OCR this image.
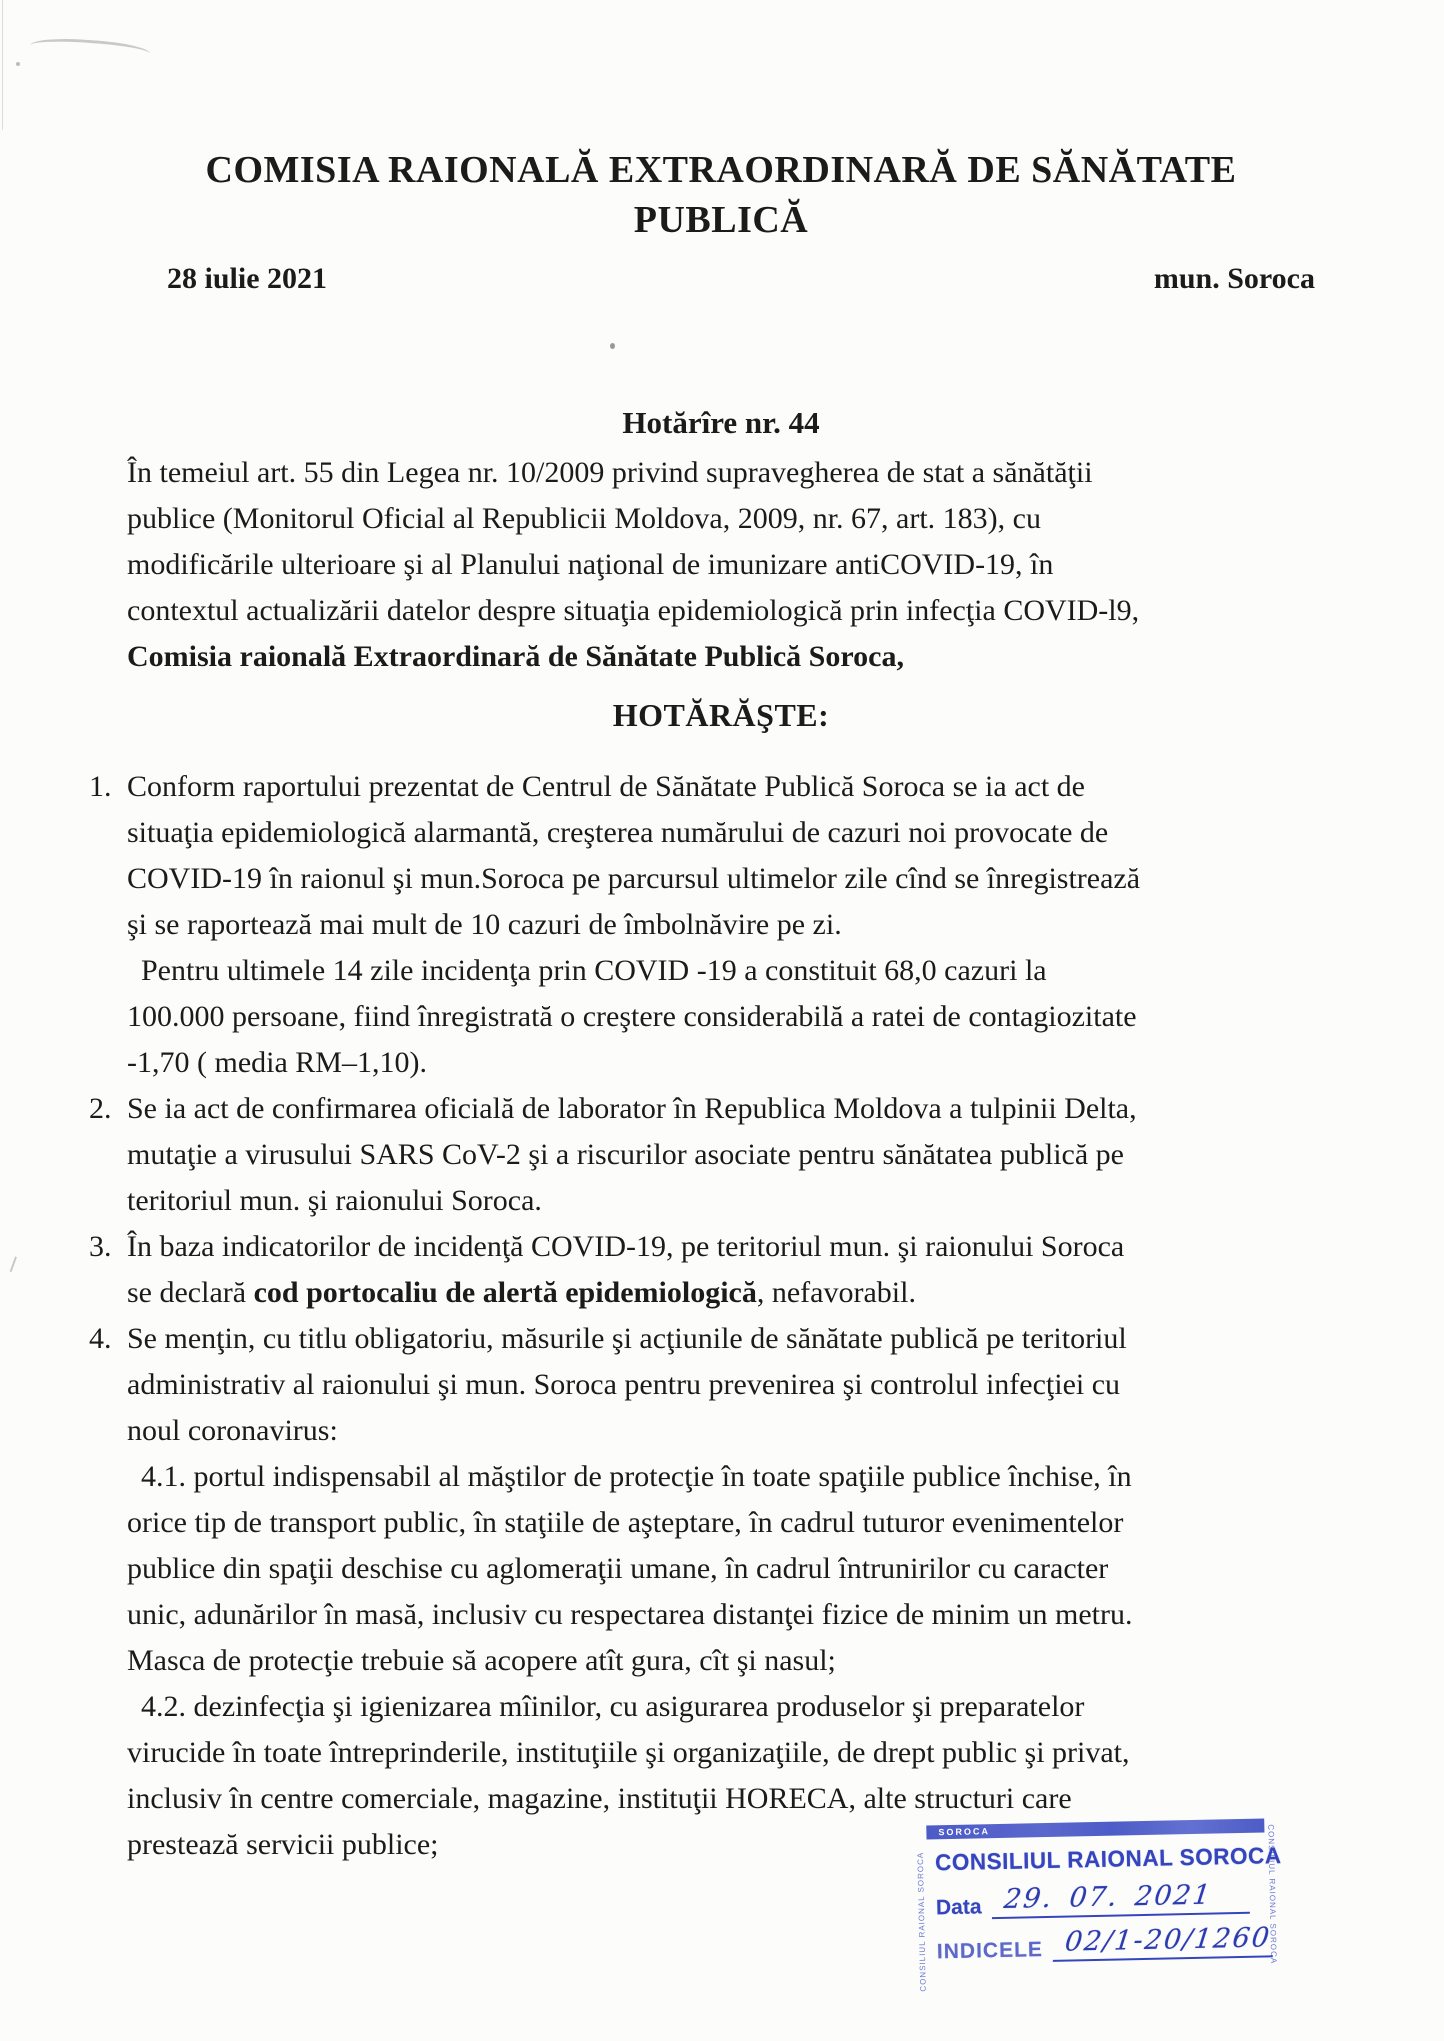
COMISIA RAIONALĂ EXTRAORDINARĂ DE SĂNĂTATE
PUBLICĂ
28 iulie 2021	mun. Soroca
Hotărîre nr. 44
În temeiul art. 55 din Legea nr. 10/2009 privind supravegherea de stat a sănătăţii
publice (Monitorul Oficial al Republicii Moldova, 2009, nr. 67, art. 183), cu
modificările ulterioare şi al Planului naţional de imunizare antiCOVID-19, în
contextul actualizării datelor despre situaţia epidemiologică prin infecţia COVID-l9,
Comisia raională Extraordinară de Sănătate Publică Soroca,
HOTĂRĂŞTE:
1. Conform raportului prezentat de Centrul de Sănătate Publică Soroca se ia act de
situaţia epidemiologică alarmantă, creşterea numărului de cazuri noi provocate de
COVID-19 în raionul şi mun.Soroca pe parcursul ultimelor zile cînd se înregistrează
şi se raportează mai mult de 10 cazuri de îmbolnăvire pe zi.
Pentru ultimele 14 zile incidenţa prin COVID -19 a constituit 68,0 cazuri la
100.000 persoane, fiind înregistrată o creştere considerabilă a ratei de contagiozitate
-1,70 ( media RM–1,10).
2. Se ia act de confirmarea oficială de laborator în Republica Moldova a tulpinii Delta,
mutaţie a virusului SARS CoV-2 şi a riscurilor asociate pentru sănătatea publică pe
teritoriul mun. şi raionului Soroca.
3. În baza indicatorilor de incidenţă COVID-19, pe teritoriul mun. şi raionului Soroca
se declară cod portocaliu de alertă epidemiologică, nefavorabil.
4. Se menţin, cu titlu obligatoriu, măsurile şi acţiunile de sănătate publică pe teritoriul
administrativ al raionului şi mun. Soroca pentru prevenirea şi controlul infecţiei cu
noul coronavirus:
4.1. portul indispensabil al măştilor de protecţie în toate spaţiile publice închise, în
orice tip de transport public, în staţiile de aşteptare, în cadrul tuturor evenimentelor
publice din spaţii deschise cu aglomeraţii umane, în cadrul întrunirilor cu caracter
unic, adunărilor în masă, inclusiv cu respectarea distanţei fizice de minim un metru.
Masca de protecţie trebuie să acopere atît gura, cît şi nasul;
4.2. dezinfecţia şi igienizarea mîinilor, cu asigurarea produselor şi preparatelor
virucide în toate întreprinderile, instituţiile şi organizaţiile, de drept public şi privat,
inclusiv în centre comerciale, magazine, instituţii HORECA, alte structuri care
prestează servicii publice;	SOROCA
CONSILIUL RAIONAL SOROCA	CONSILIUL RAIONAL SOROCA
CONSILIUL RAIONAL SOROCA
Data 29. 07. 2021
INDICELE 02/1-20/1260
